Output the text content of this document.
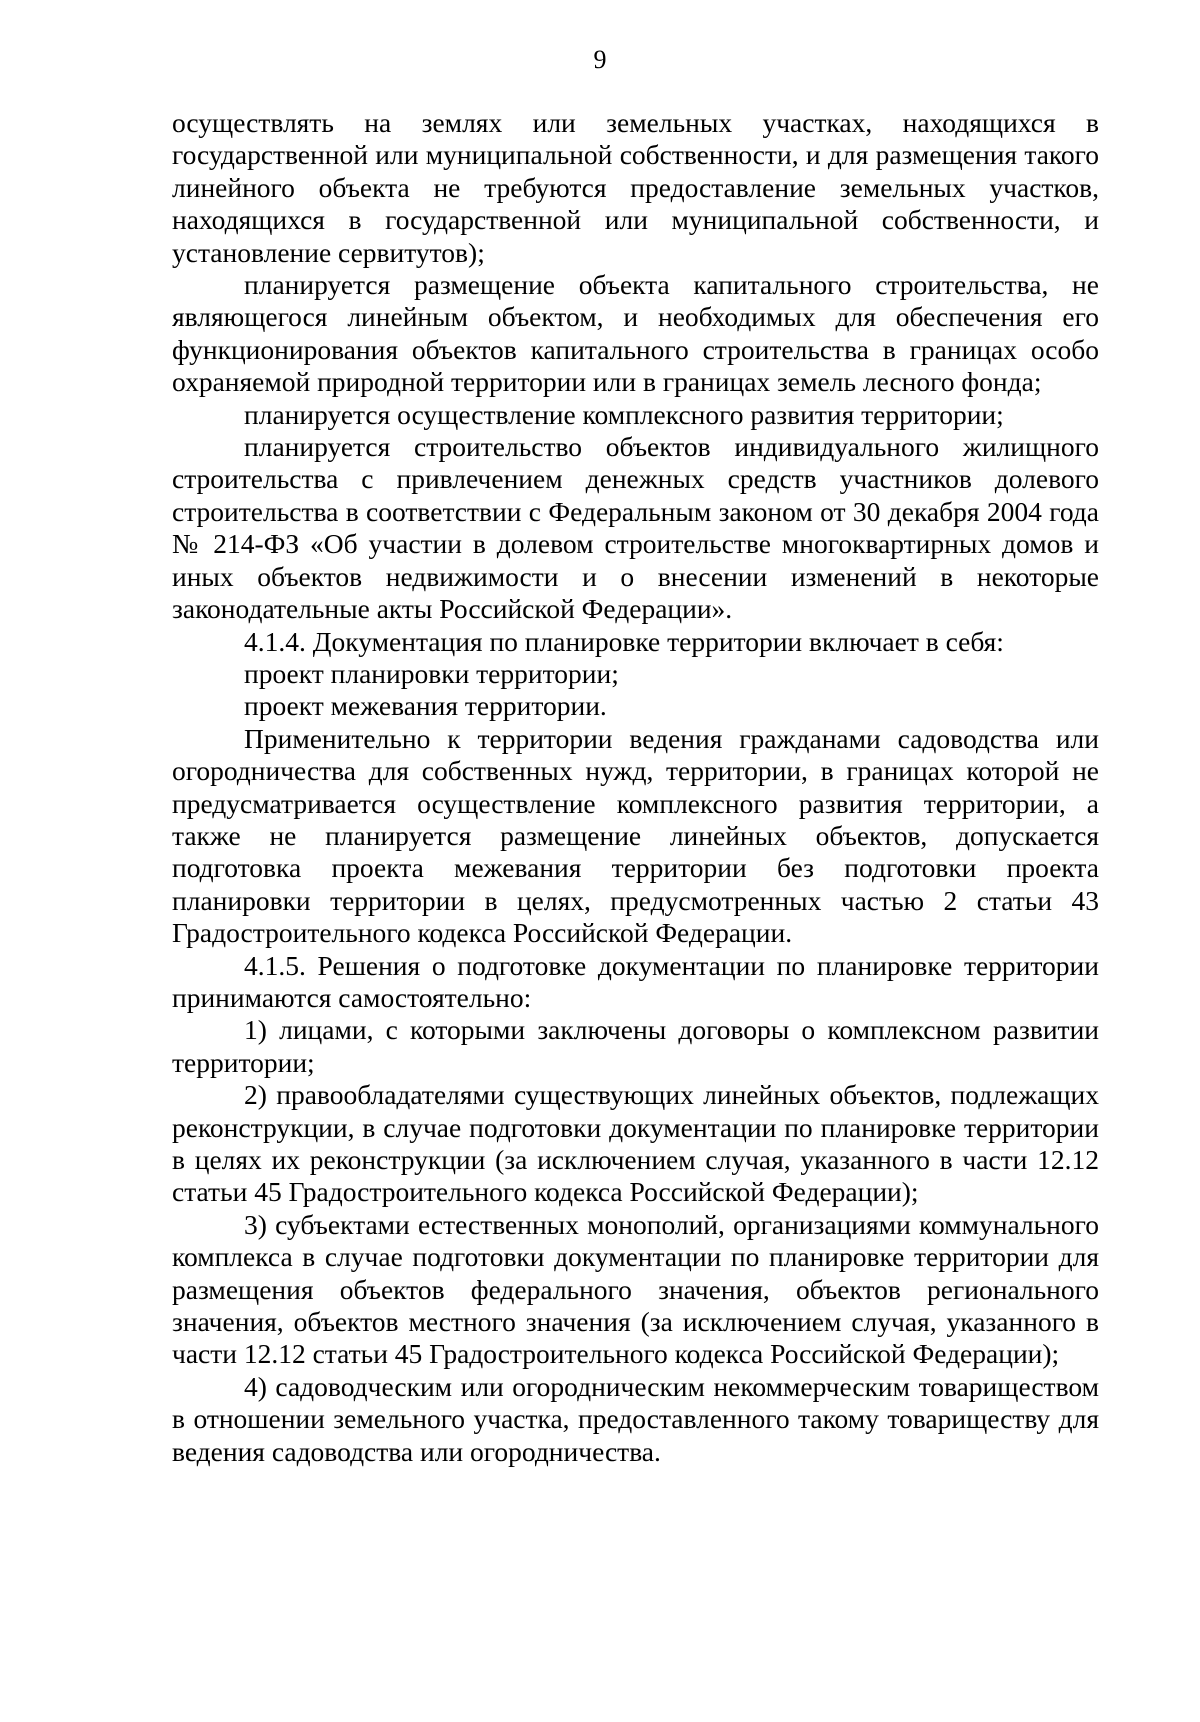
9

осуществлять на землях или земельных участках, находящихся в государственной или муниципальной собственности, и для размещения такого линейного объекта не требуются предоставление земельных участков, находящихся в государственной или муниципальной собственности, и установление сервитутов);

планируется размещение объекта капитального строительства, не являющегося линейным объектом, и необходимых для обеспечения его функционирования объектов капитального строительства в границах особо охраняемой природной территории или в границах земель лесного фонда;

планируется осуществление комплексного развития территории;

планируется строительство объектов индивидуального жилищного строительства с привлечением денежных средств участников долевого строительства в соответствии с Федеральным законом от 30 декабря 2004 года № 214-ФЗ «Об участии в долевом строительстве многоквартирных домов и иных объектов недвижимости и о внесении изменений в некоторые законодательные акты Российской Федерации».

4.1.4. Документация по планировке территории включает в себя:

проект планировки территории;

проект межевания территории.

Применительно к территории ведения гражданами садоводства или огородничества для собственных нужд, территории, в границах которой не предусматривается осуществление комплексного развития территории, а также не планируется размещение линейных объектов, допускается подготовка проекта межевания территории без подготовки проекта планировки территории в целях, предусмотренных частью 2 статьи 43 Градостроительного кодекса Российской Федерации.

4.1.5. Решения о подготовке документации по планировке территории принимаются самостоятельно:

1) лицами, с которыми заключены договоры о комплексном развитии территории;

2) правообладателями существующих линейных объектов, подлежащих реконструкции, в случае подготовки документации по планировке территории в целях их реконструкции (за исключением случая, указанного в части 12.12 статьи 45 Градостроительного кодекса Российской Федерации);

3) субъектами естественных монополий, организациями коммунального комплекса в случае подготовки документации по планировке территории для размещения объектов федерального значения, объектов регионального значения, объектов местного значения (за исключением случая, указанного в части 12.12 статьи 45 Градостроительного кодекса Российской Федерации);

4) садоводческим или огородническим некоммерческим товариществом в отношении земельного участка, предоставленного такому товариществу для ведения садоводства или огородничества.
